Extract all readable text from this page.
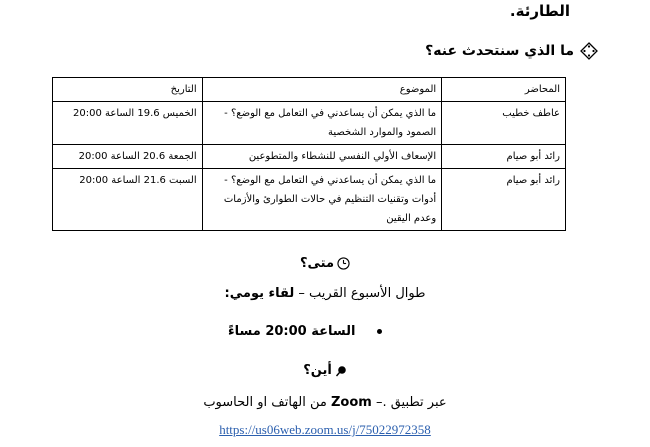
الطارئة.
ما الذي سنتحدث عنه؟
المحاضر	الموضوع	التاريخ
عاطف خطيب	ما الذي يمكن أن يساعدني في التعامل مع الوضع؟ - الصمود والموارد الشخصية	الخميس 19.6 الساعة 20:00
رائد أبو صيام	الإسعاف الأولي النفسي للنشطاء والمتطوعين	الجمعة 20.6 الساعة 20:00
رائد أبو صيام	ما الذي يمكن أن يساعدني في التعامل مع الوضع؟ - أدوات وتقنيات التنظيم في حالات الطوارئ والأزمات وعدم اليقين	السبت 21.6 الساعة 20:00
متى؟
طوال الأسبوع القريب – لقاء يومي:
الساعة 20:00 مساءً
أين؟
عبر تطبيق .– Zoom من الهاتف او الحاسوب
https://us06web.zoom.us/j/75022972358
